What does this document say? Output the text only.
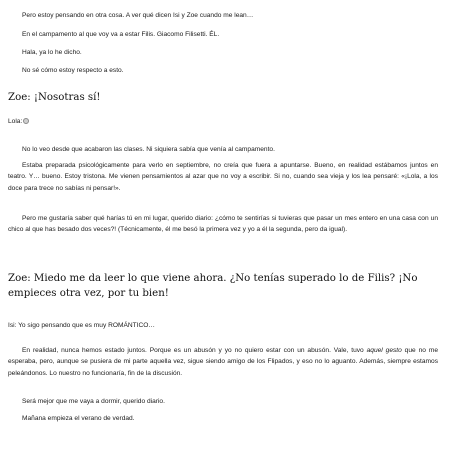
Pero estoy pensando en otra cosa. A ver qué dicen Isi y Zoe cuando me lean…
En el campamento al que voy va a estar Filis. Giacomo Filisetti. ÉL.
Hala, ya lo he dicho.
No sé cómo estoy respecto a esto.
Zoe: ¡Nosotras sí!
Lola:
No lo veo desde que acabaron las clases. Ni siquiera sabía que venía al campamento.
Estaba preparada psicológicamente para verlo en septiembre, no creía que fuera a apuntarse. Bueno, en realidad estábamos juntos en teatro. Y… bueno. Estoy tristona. Me vienen pensamientos al azar que no voy a escribir. Si no, cuando sea vieja y los lea pensaré: «¡Lola, a los doce para trece no sabías ni pensar!».
Pero me gustaría saber qué harías tú en mi lugar, querido diario: ¿cómo te sentirías si tuvieras que pasar un mes entero en una casa con un chico al que has besado dos veces?! (Técnicamente, él me besó la primera vez y yo a él la segunda, pero da igual).
Zoe: Miedo me da leer lo que viene ahora. ¿No tenías superado lo de Filis? ¡No empieces otra vez, por tu bien!
Isi: Yo sigo pensando que es muy ROMÁNTICO…
En realidad, nunca hemos estado juntos. Porque es un abusón y yo no quiero estar con un abusón. Vale, tuvo aquel gesto que no me esperaba, pero, aunque se pusiera de mi parte aquella vez, sigue siendo amigo de los Flipados, y eso no lo aguanto. Además, siempre estamos peleándonos. Lo nuestro no funcionaría, fin de la discusión.
Será mejor que me vaya a dormir, querido diario.
Mañana empieza el verano de verdad.
